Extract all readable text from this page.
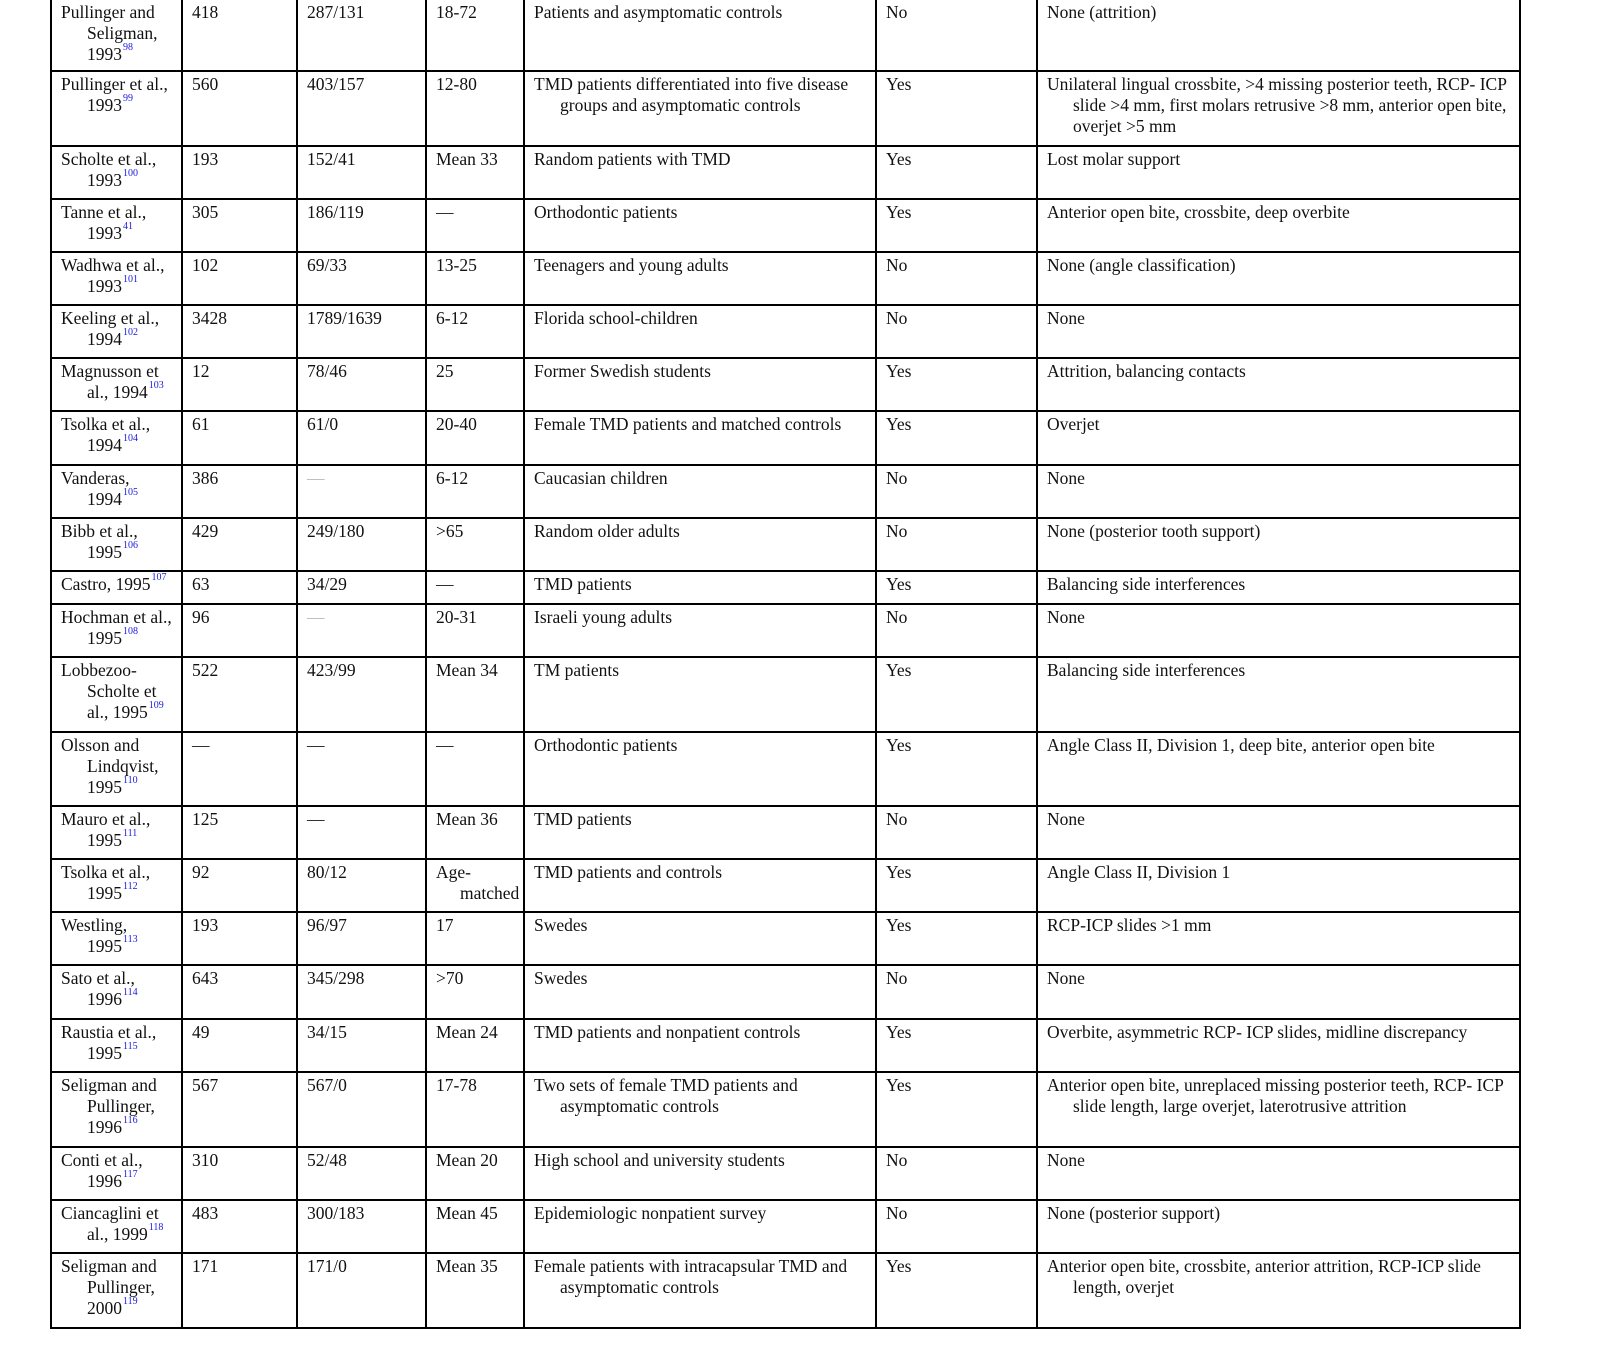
Pullinger and Seligman, 1993$^{98}$	418	287/131	18-72	Patients and asymptomatic controls	No	None (attrition)

Pullinger et al., 1993$^{99}$	560	403/157	12-80	TMD patients differentiated into five disease groups and asymptomatic controls	Yes	Unilateral lingual crossbite, >4 missing posterior teeth, RCP- ICP slide >4 mm, first molars retrusive >8 mm, anterior open bite, overjet >5 mm

Scholte et al., 1993$^{100}$	193	152/41	Mean 33	Random patients with TMD	Yes	Lost molar support

Tanne et al., 1993$^{41}$	305	186/119	—	Orthodontic patients	Yes	Anterior open bite, crossbite, deep overbite

Wadhwa et al., 1993$^{101}$	102	69/33	13-25	Teenagers and young adults	No	None (angle classification)

Keeling et al., 1994$^{102}$	3428	1789/1639	6-12	Florida school-children	No	None

Magnusson et al., 1994$^{103}$	12	78/46	25	Former Swedish students	Yes	Attrition, balancing contacts

Tsolka et al., 1994$^{104}$	61	61/0	20-40	Female TMD patients and matched controls	Yes	Overjet

Vanderas, 1994$^{105}$	386	—	6-12	Caucasian children	No	None

Bibb et al., 1995$^{106}$	429	249/180	>65	Random older adults	No	None (posterior tooth support)

Castro, 1995$^{107}$	63	34/29	—	TMD patients	Yes	Balancing side interferences

Hochman et al., 1995$^{108}$	96	—	20-31	Israeli young adults	No	None

Lobbezoo-Scholte et al., 1995$^{109}$	522	423/99	Mean 34	TM patients	Yes	Balancing side interferences

Olsson and Lindqvist, 1995$^{110}$	—	—	—	Orthodontic patients	Yes	Angle Class II, Division 1, deep bite, anterior open bite

Mauro et al., 1995$^{111}$	125	—	Mean 36	TMD patients	No	None

Tsolka et al., 1995$^{112}$	92	80/12	Age-matched	TMD patients and controls	Yes	Angle Class II, Division 1

Westling, 1995$^{113}$	193	96/97	17	Swedes	Yes	RCP-ICP slides >1 mm

Sato et al., 1996$^{114}$	643	345/298	>70	Swedes	No	None

Raustia et al., 1995$^{115}$	49	34/15	Mean 24	TMD patients and nonpatient controls	Yes	Overbite, asymmetric RCP- ICP slides, midline discrepancy

Seligman and Pullinger, 1996$^{116}$	567	567/0	17-78	Two sets of female TMD patients and asymptomatic controls	Yes	Anterior open bite, unreplaced missing posterior teeth, RCP- ICP slide length, large overjet, laterotrusive attrition

Conti et al., 1996$^{117}$	310	52/48	Mean 20	High school and university students	No	None

Ciancaglini et al., 1999$^{118}$	483	300/183	Mean 45	Epidemiologic nonpatient survey	No	None (posterior support)

Seligman and Pullinger, 2000$^{119}$	171	171/0	Mean 35	Female patients with intracapsular TMD and asymptomatic controls	Yes	Anterior open bite, crossbite, anterior attrition, RCP-ICP slide length, overjet
